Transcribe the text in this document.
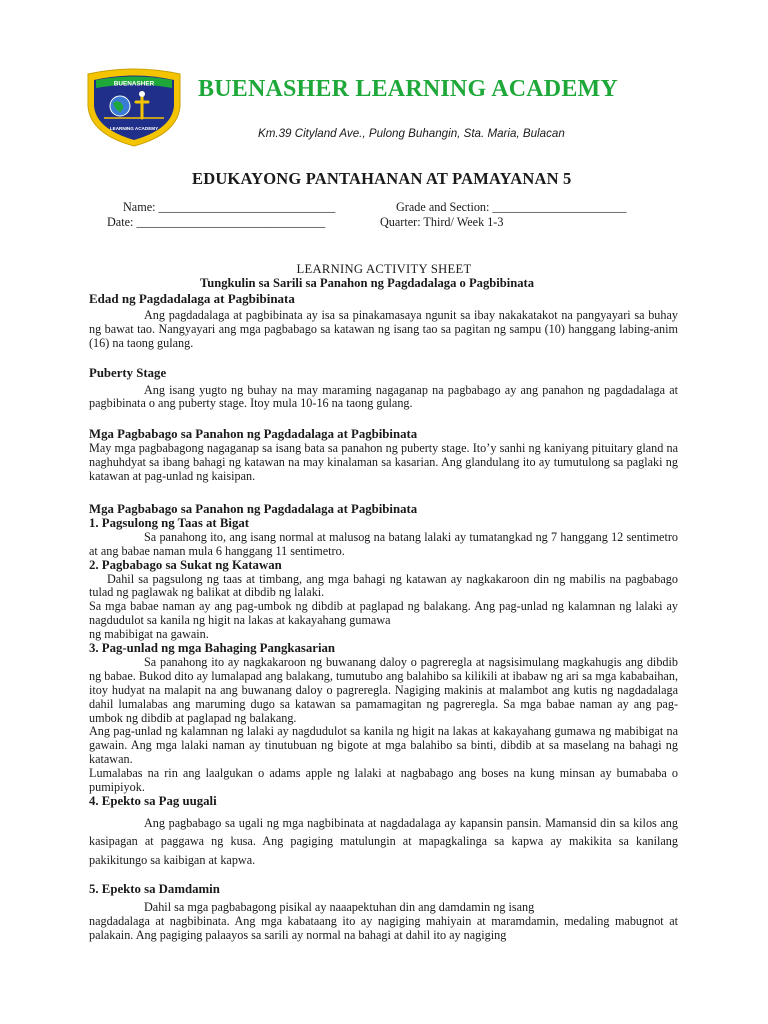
BUENASHER
LEARNING ACADEMY
BUENASHER LEARNING ACADEMY
Km.39 Cityland Ave., Pulong Buhangin, Sta. Maria, Bulacan
EDUKAYONG PANTAHANAN AT PAMAYANAN 5
Name: _____________________________	Grade and Section: ______________________
Date: _______________________________	Quarter: Third/ Week 1-3
LEARNING ACTIVITY SHEET
Tungkulin sa Sarili sa Panahon ng Pagdadalaga o Pagbibinata

Edad ng Pagdadalaga at Pagbibinata

Ang pagdadalaga at pagbibinata ay isa sa pinakamasaya ngunit sa ibay nakakatakot na pangyayari sa buhay ng bawat tao. Nangyayari ang mga pagbabago sa katawan ng isang tao sa pagitan ng sampu (10) hanggang labing-anim (16) na taong gulang.

Puberty Stage

Ang isang yugto ng buhay na may maraming nagaganap na pagbabago ay ang panahon ng pagdadalaga at pagbibinata o ang puberty stage. Itoy mula 10-16 na taong gulang.

Mga Pagbabago sa Panahon ng Pagdadalaga at Pagbibinata

May mga pagbabagong nagaganap sa isang bata sa panahon ng puberty stage. Ito’y sanhi ng kaniyang pituitary gland na naghuhdyat sa ibang bahagi ng katawan na may kinalaman sa kasarian. Ang glandulang ito ay tumutulong sa paglaki ng katawan at pag-unlad ng kaisipan.

Mga Pagbabago sa Panahon ng Pagdadalaga at Pagbibinata

1. Pagsulong ng Taas at Bigat

Sa panahong ito, ang isang normal at malusog na batang lalaki ay tumatangkad ng 7 hanggang 12 sentimetro at ang babae naman mula 6 hanggang 11 sentimetro.

2. Pagbabago sa Sukat ng Katawan

Dahil sa pagsulong ng taas at timbang, ang mga bahagi ng katawan ay nagkakaroon din ng mabilis na pagbabago tulad ng paglawak ng balikat at dibdib ng lalaki.

Sa mga babae naman ay ang pag-umbok ng dibdib at paglapad ng balakang. Ang pag-unlad ng kalamnan ng lalaki ay nagdudulot sa kanila ng higit na lakas at kakayahang gumawa

ng mabibigat na gawain.

3. Pag-unlad ng mga Bahaging Pangkasarian

Sa panahong ito ay nagkakaroon ng buwanang daloy o pagreregla at nagsisimulang magkahugis ang dibdib ng babae. Bukod dito ay lumalapad ang balakang, tumutubo ang balahibo sa kilikili at ibabaw ng ari sa mga kababaihan, itoy hudyat na malapit na ang buwanang daloy o pagreregla. Nagiging makinis at malambot ang kutis ng nagdadalaga dahil lumalabas ang maruming dugo sa katawan sa pamamagitan ng pagreregla. Sa mga babae naman ay ang pag-umbok ng dibdib at paglapad ng balakang.

Ang pag-unlad ng kalamnan ng lalaki ay nagdudulot sa kanila ng higit na lakas at kakayahang gumawa ng mabibigat na gawain. Ang mga lalaki naman ay tinutubuan ng bigote at mga balahibo sa binti, dibdib at sa maselang na bahagi ng katawan.

Lumalabas na rin ang laalgukan o adams apple ng lalaki at nagbabago ang boses na kung minsan ay bumababa o pumipiyok.

4. Epekto sa Pag uugali

Ang pagbabago sa ugali ng mga nagbibinata at nagdadalaga ay kapansin pansin. Mamansid din sa kilos ang kasipagan at paggawa ng kusa. Ang pagiging matulungin at mapagkalinga sa kapwa ay makikita sa kanilang pakikitungo sa kaibigan at kapwa.

5. Epekto sa Damdamin

Dahil sa mga pagbabagong pisikal ay naaapektuhan din ang damdamin ng isang

nagdadalaga at nagbibinata. Ang mga kabataang ito ay nagiging mahiyain at maramdamin, medaling mabugnot at palakain. Ang pagiging palaayos sa sarili ay normal na bahagi at dahil ito ay nagiging
